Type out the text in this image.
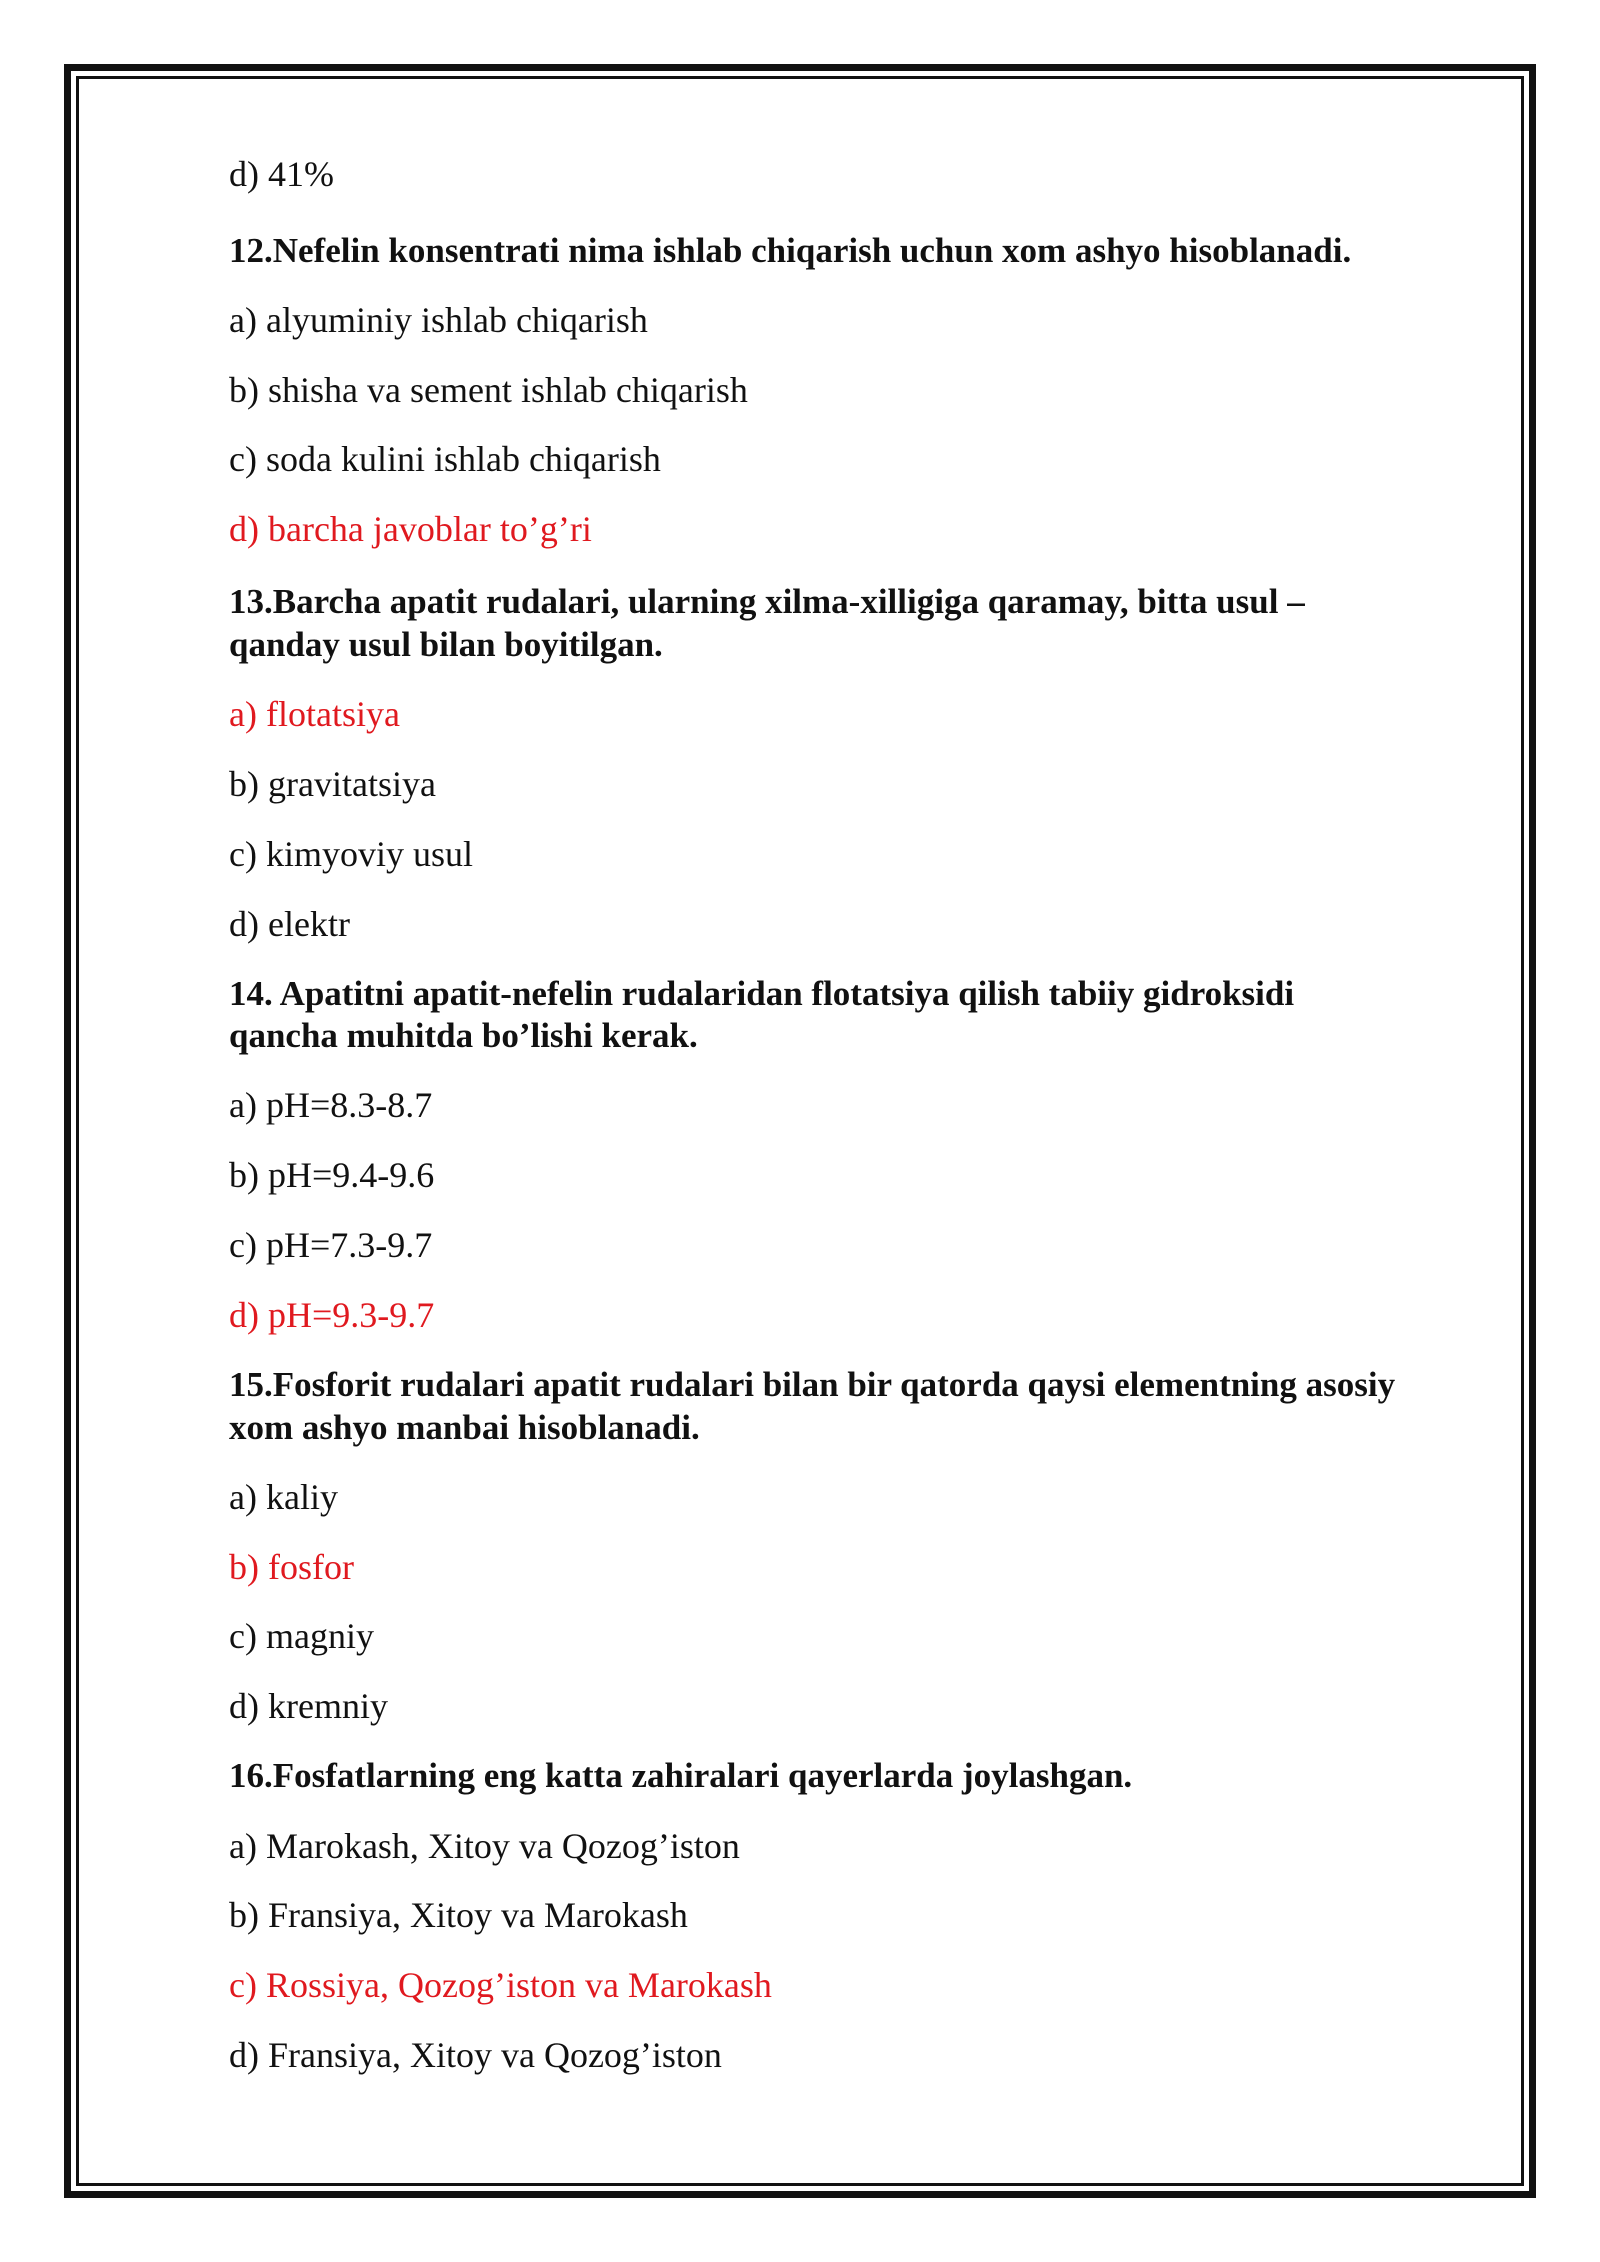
d) 41%
12.Nefelin konsentrati nima ishlab chiqarish uchun xom ashyo hisoblanadi.
a) alyuminiy ishlab chiqarish
b) shisha va sement ishlab chiqarish
c) soda kulini ishlab chiqarish
d) barcha javoblar to’g’ri
13.Barcha apatit rudalari, ularning xilma-xilligiga qaramay, bitta usul –
qanday usul bilan boyitilgan.
a) flotatsiya
b) gravitatsiya
c) kimyoviy usul
d) elektr
14. Apatitni apatit-nefelin rudalaridan flotatsiya qilish tabiiy gidroksidi
qancha muhitda bo’lishi kerak.
a) pH=8.3-8.7
b) pH=9.4-9.6
c) pH=7.3-9.7
d) pH=9.3-9.7
15.Fosforit rudalari apatit rudalari bilan bir qatorda qaysi elementning asosiy
xom ashyo manbai hisoblanadi.
a) kaliy
b) fosfor
c) magniy
d) kremniy
16.Fosfatlarning eng katta zahiralari qayerlarda joylashgan.
a) Marokash, Xitoy va Qozog’iston
b) Fransiya, Xitoy va Marokash
c) Rossiya, Qozog’iston va Marokash
d) Fransiya, Xitoy va Qozog’iston
